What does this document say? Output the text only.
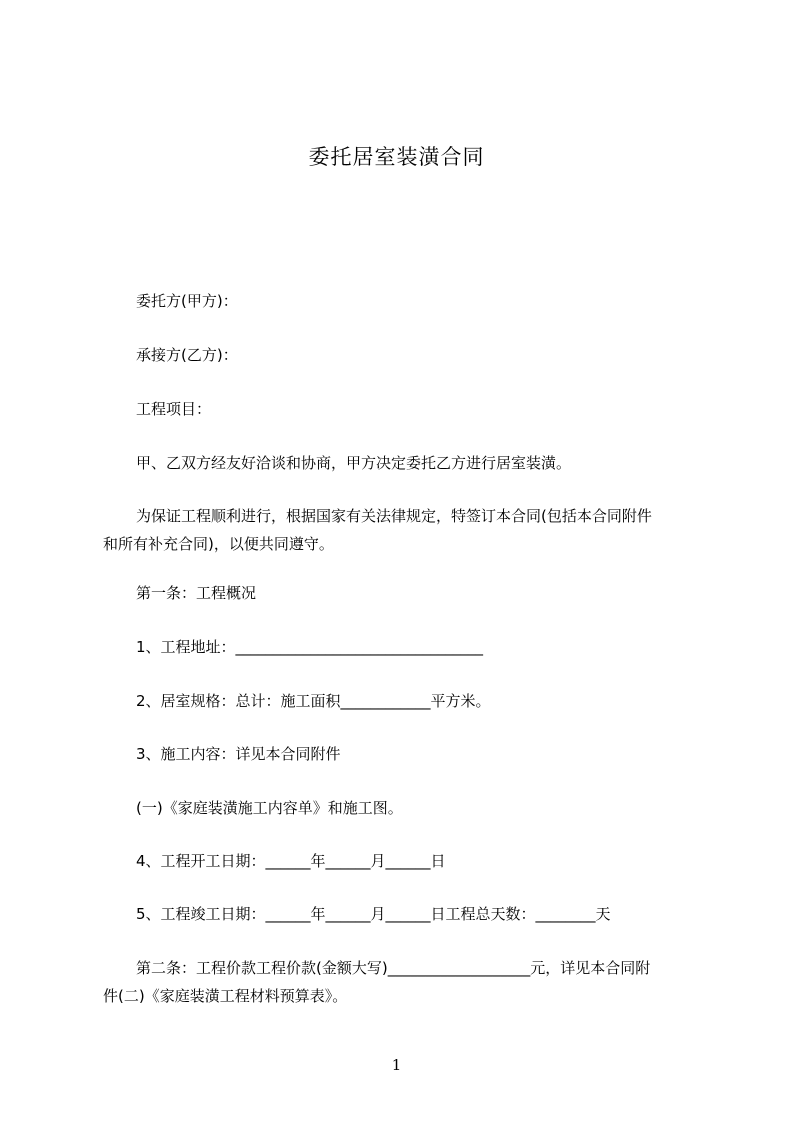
委托居室装潢合同
委托方(甲方)：
承接方(乙方)：
工程项目：
甲、乙双方经友好洽谈和协商，甲方决定委托乙方进行居室装潢。
为保证工程顺利进行，根据国家有关法律规定，特签订本合同(包括本合同附件
和所有补充合同)，以便共同遵守。
第一条：工程概况
1、工程地址：_________________________________
2、居室规格：总计：施工面积____________平方米。
3、施工内容：详见本合同附件
(一)《家庭装潢施工内容单》和施工图。
4、工程开工日期：______年______月______日
5、工程竣工日期：______年______月______日工程总天数：________天
第二条：工程价款工程价款(金额大写)___________________元，详见本合同附
件(二)《家庭装潢工程材料预算表》。
1
